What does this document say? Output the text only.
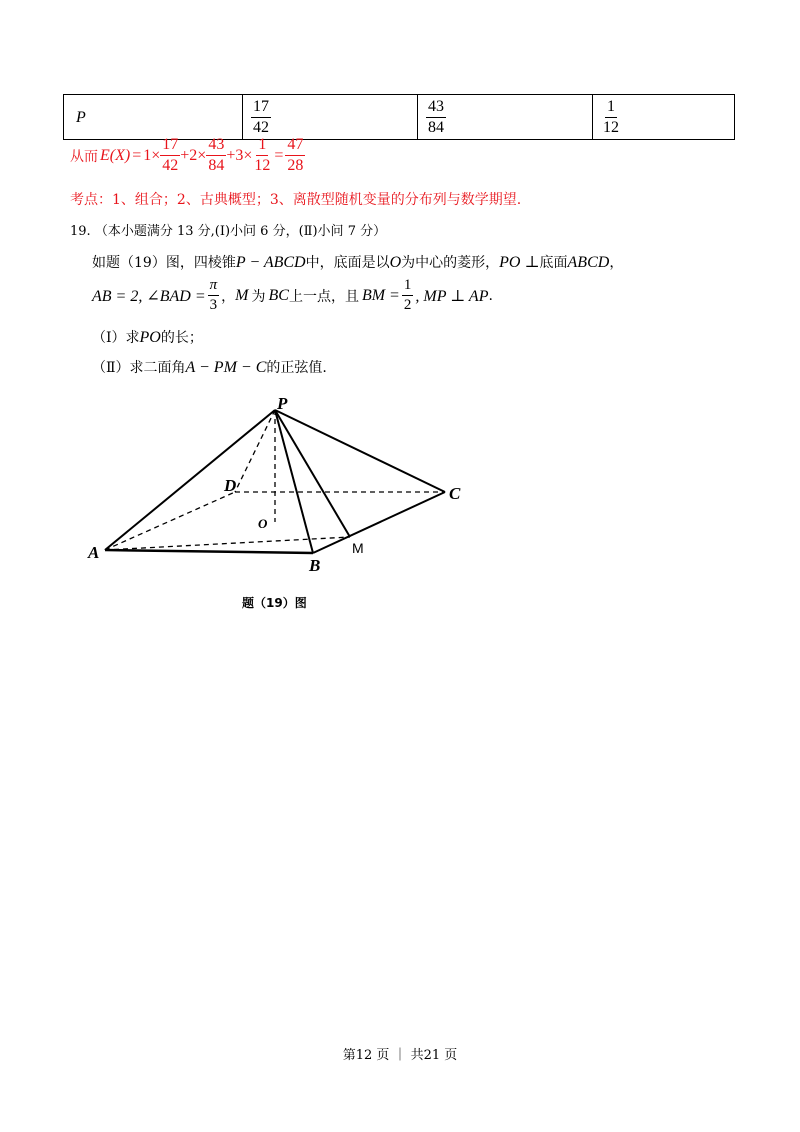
P	$\frac{17}{42}$	$\frac{43}{84}$	$\frac{1}{12}$
从而 $E(X) = 1\times \frac{17}{42} +2\times \frac{43}{84} +3\times \frac{1}{12} = \frac{47}{28}$
考点：1、组合；2、古典概型；3、离散型随机变量的分布列与数学期望.
19. （本小题满分 13 分,(Ⅰ)小问 6 分，(Ⅱ)小问 7 分）
如题（19）图，四棱锥P − ABCD中，底面是以O为中心的菱形，PO ⊥底面ABCD，
AB = 2, ∠BAD = $\frac{\pi}{3}$ ， M 为 BC 上一点，且 BM = $\frac{1}{2}$ , MP ⊥ AP .
（Ⅰ）求PO的长；
（Ⅱ）求二面角A − PM − C的正弦值.
P
D	C
O
M
A
B
题（19）图
第12 页 ｜ 共21 页
